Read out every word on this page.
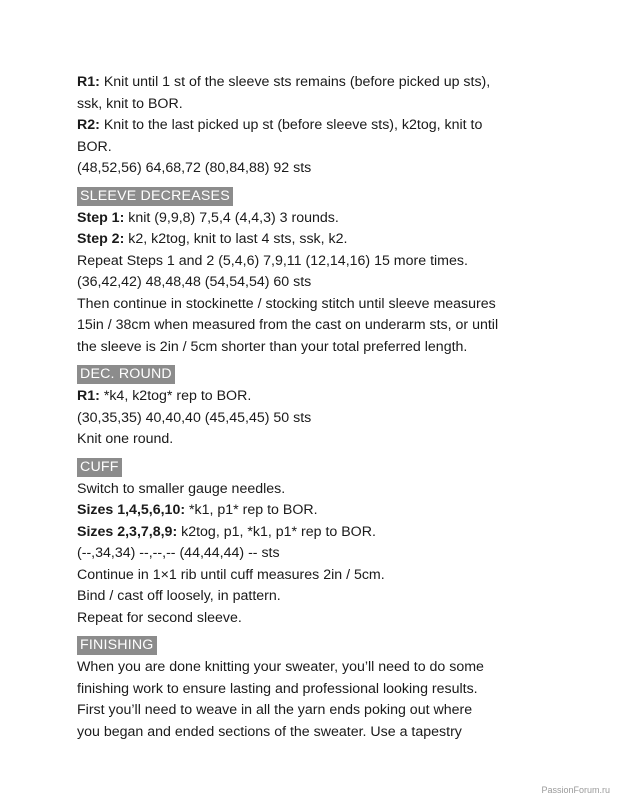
R1: Knit until 1 st of the sleeve sts remains (before picked up sts),
ssk, knit to BOR.
R2: Knit to the last picked up st (before sleeve sts), k2tog, knit to
BOR.
(48,52,56) 64,68,72 (80,84,88) 92 sts
SLEEVE DECREASES
Step 1: knit (9,9,8) 7,5,4 (4,4,3) 3 rounds.
Step 2: k2, k2tog, knit to last 4 sts, ssk, k2.
Repeat Steps 1 and 2 (5,4,6) 7,9,11 (12,14,16) 15 more times.
(36,42,42) 48,48,48 (54,54,54) 60 sts
Then continue in stockinette / stocking stitch until sleeve measures
15in / 38cm when measured from the cast on underarm sts, or until
the sleeve is 2in / 5cm shorter than your total preferred length.
DEC. ROUND
R1: *k4, k2tog* rep to BOR.
(30,35,35) 40,40,40 (45,45,45) 50 sts
Knit one round.
CUFF
Switch to smaller gauge needles.
Sizes 1,4,5,6,10: *k1, p1* rep to BOR.
Sizes 2,3,7,8,9: k2tog, p1, *k1, p1* rep to BOR.
(--,34,34) --,--,-- (44,44,44) -- sts
Continue in 1×1 rib until cuff measures 2in / 5cm.
Bind / cast off loosely, in pattern.
Repeat for second sleeve.
FINISHING
When you are done knitting your sweater, you’ll need to do some
finishing work to ensure lasting and professional looking results.
First you’ll need to weave in all the yarn ends poking out where
you began and ended sections of the sweater. Use a tapestry
PassionForum.ru
